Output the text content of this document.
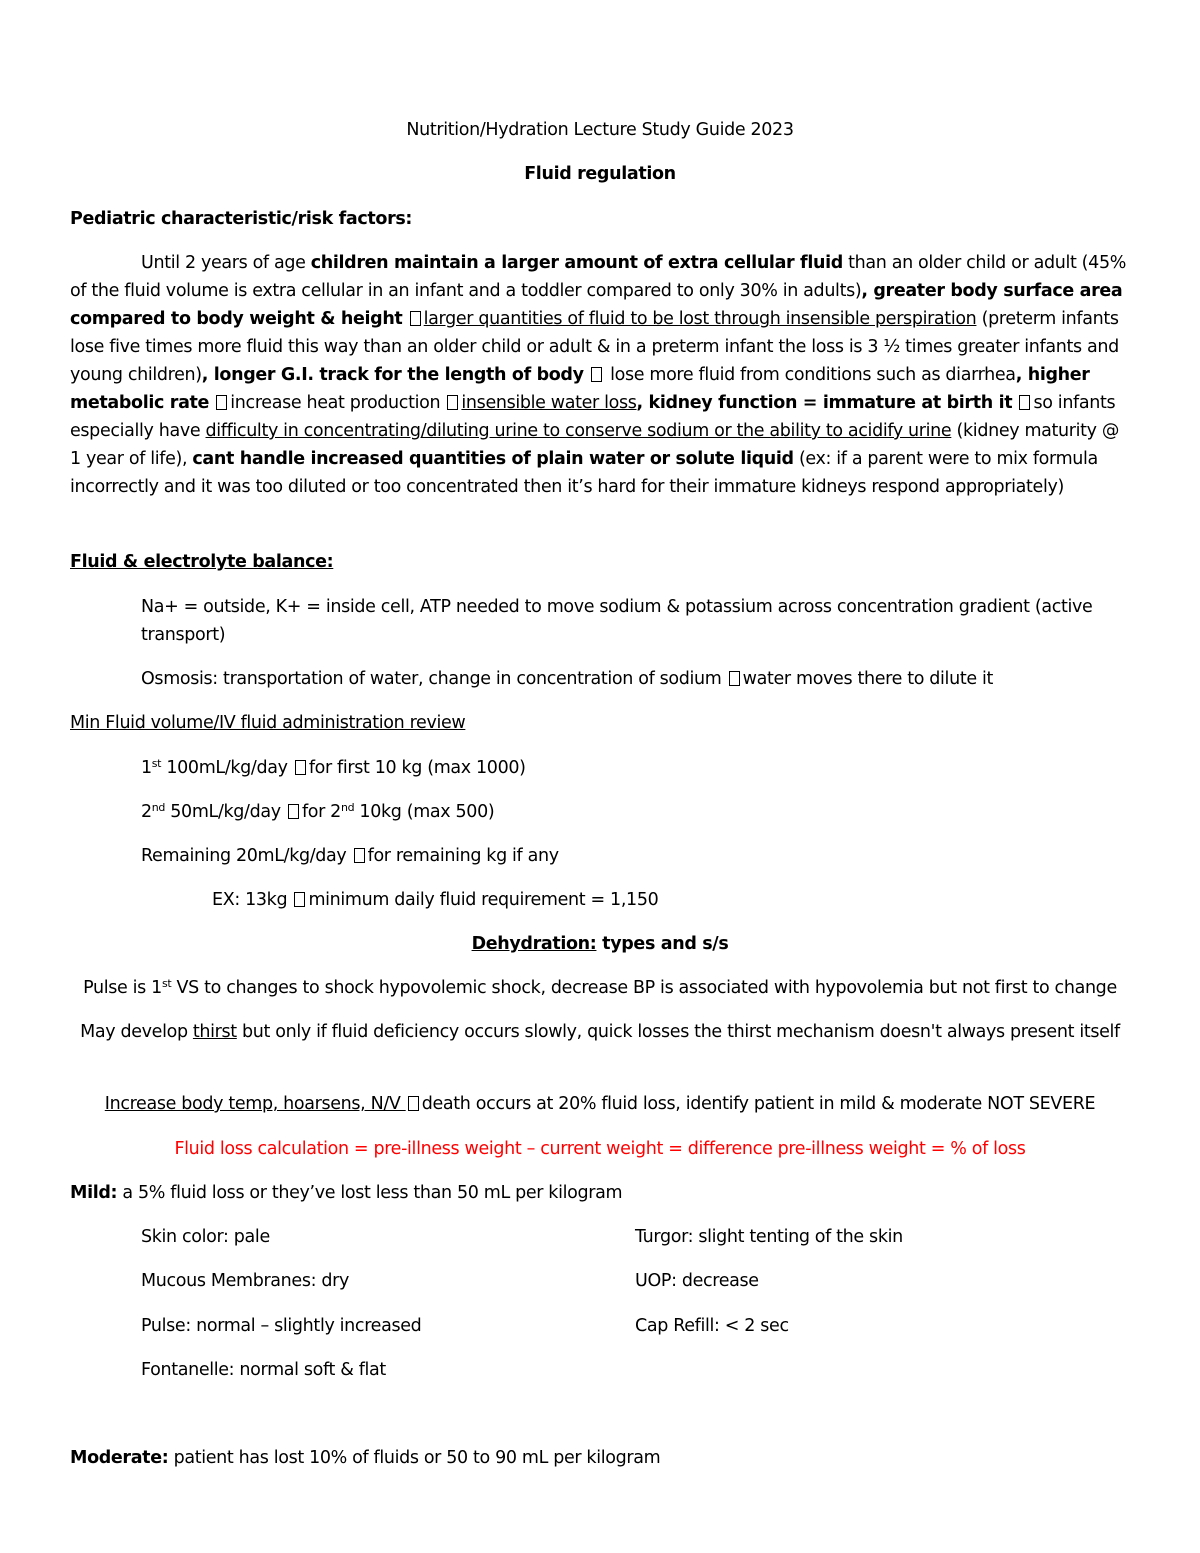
Nutrition/Hydration Lecture Study Guide 2023

Fluid regulation

Pediatric characteristic/risk factors:

Until 2 years of age children maintain a larger amount of extra cellular fluid than an older child or adult (45% of the fluid volume is extra cellular in an infant and a toddler compared to only 30% in adults), greater body surface area compared to body weight & height larger quantities of fluid to be lost through insensible perspiration (preterm infants lose five times more fluid this way than an older child or adult & in a preterm infant the loss is 3 ½ times greater infants and young children), longer G.I. track for the length of body  lose more fluid from conditions such as diarrhea, higher metabolic rate increase heat production insensible water loss, kidney function = immature at birth it so infants especially have difficulty in concentrating/diluting urine to conserve sodium or the ability to acidify urine (kidney maturity @ 1 year of life), cant handle increased quantities of plain water or solute liquid (ex: if a parent were to mix formula incorrectly and it was too diluted or too concentrated then it’s hard for their immature kidneys respond appropriately)

Fluid & electrolyte balance:

Na+ = outside, K+ = inside cell, ATP needed to move sodium & potassium across concentration gradient (active transport)

Osmosis: transportation of water, change in concentration of sodium water moves there to dilute it

Min Fluid volume/IV fluid administration review

1st 100mL/kg/day for first 10 kg (max 1000)

2nd 50mL/kg/day for 2nd 10kg (max 500)

Remaining 20mL/kg/day for remaining kg if any

EX: 13kg minimum daily fluid requirement = 1,150

Dehydration: types and s/s

Pulse is 1st VS to changes to shock hypovolemic shock, decrease BP is associated with hypovolemia but not first to change

May develop thirst but only if fluid deficiency occurs slowly, quick losses the thirst mechanism doesn't always present itself

Increase body temp, hoarsens, N/V death occurs at 20% fluid loss, identify patient in mild & moderate NOT SEVERE

Fluid loss calculation = pre-illness weight – current weight = difference pre-illness weight = % of loss

Mild: a 5% fluid loss or they’ve lost less than 50 mL per kilogram

Skin color: pale	Turgor: slight tenting of the skin

Mucous Membranes: dry	UOP: decrease

Pulse: normal – slightly increased	Cap Refill: < 2 sec

Fontanelle: normal soft & flat

Moderate: patient has lost 10% of fluids or 50 to 90 mL per kilogram
